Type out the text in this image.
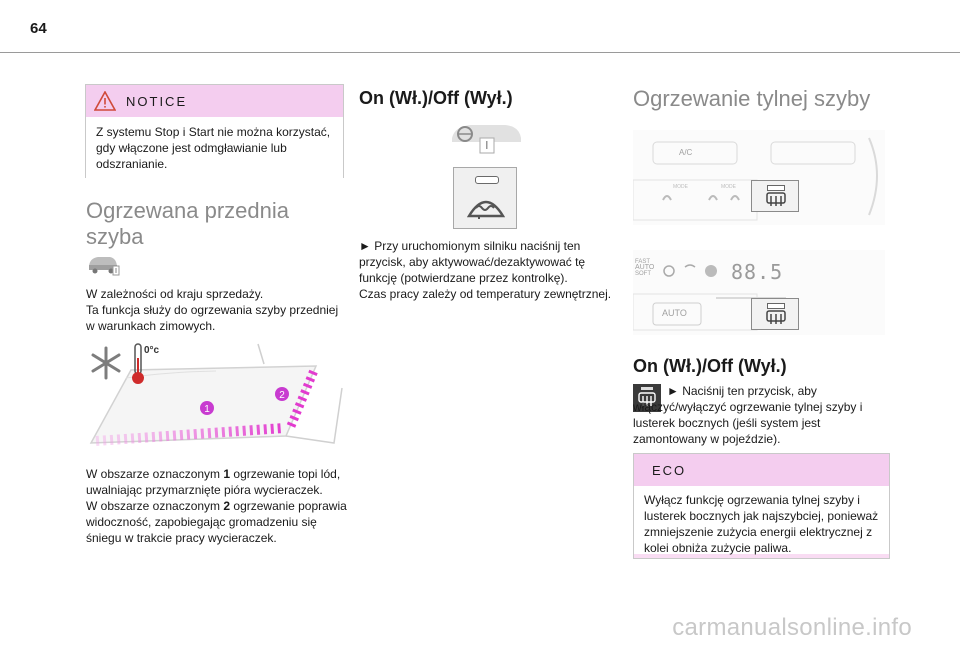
64
NOTICE
Z systemu Stop i Start nie można korzystać, gdy włączone jest odmgławianie lub odszranianie.
Ogrzewana przednia szyba
W zależności od kraju sprzedaży.
Ta funkcja służy do ogrzewania szyby przedniej w warunkach zimowych.
0°c
1
2
W obszarze oznaczonym 1 ogrzewanie topi lód, uwalniając przymarznięte pióra wycieraczek.
W obszarze oznaczonym 2 ogrzewanie poprawia widoczność, zapobiegając gromadzeniu się śniegu w trakcie pracy wycieraczek.
On (Wł.)/Off (Wył.)
► Przy uruchomionym silniku naciśnij ten przycisk, aby aktywować/dezaktywować tę funkcję (potwierdzane przez kontrolkę).
Czas pracy zależy od temperatury zewnętrznej.
Ogrzewanie tylnej szyby
A/C
MODE	MODE
FAST
AUTO
SOFT	88.5
AUTO
On (Wł.)/Off (Wył.)
► Naciśnij ten przycisk, aby włączyć/wyłączyć ogrzewanie tylnej szyby i lusterek bocznych (jeśli system jest zamontowany w pojeździe).
ECO
Wyłącz funkcję ogrzewania tylnej szyby i lusterek bocznych jak najszybciej, ponieważ zmniejszenie zużycia energii elektrycznej z kolei obniża zużycie paliwa.
carmanualsonline.info
